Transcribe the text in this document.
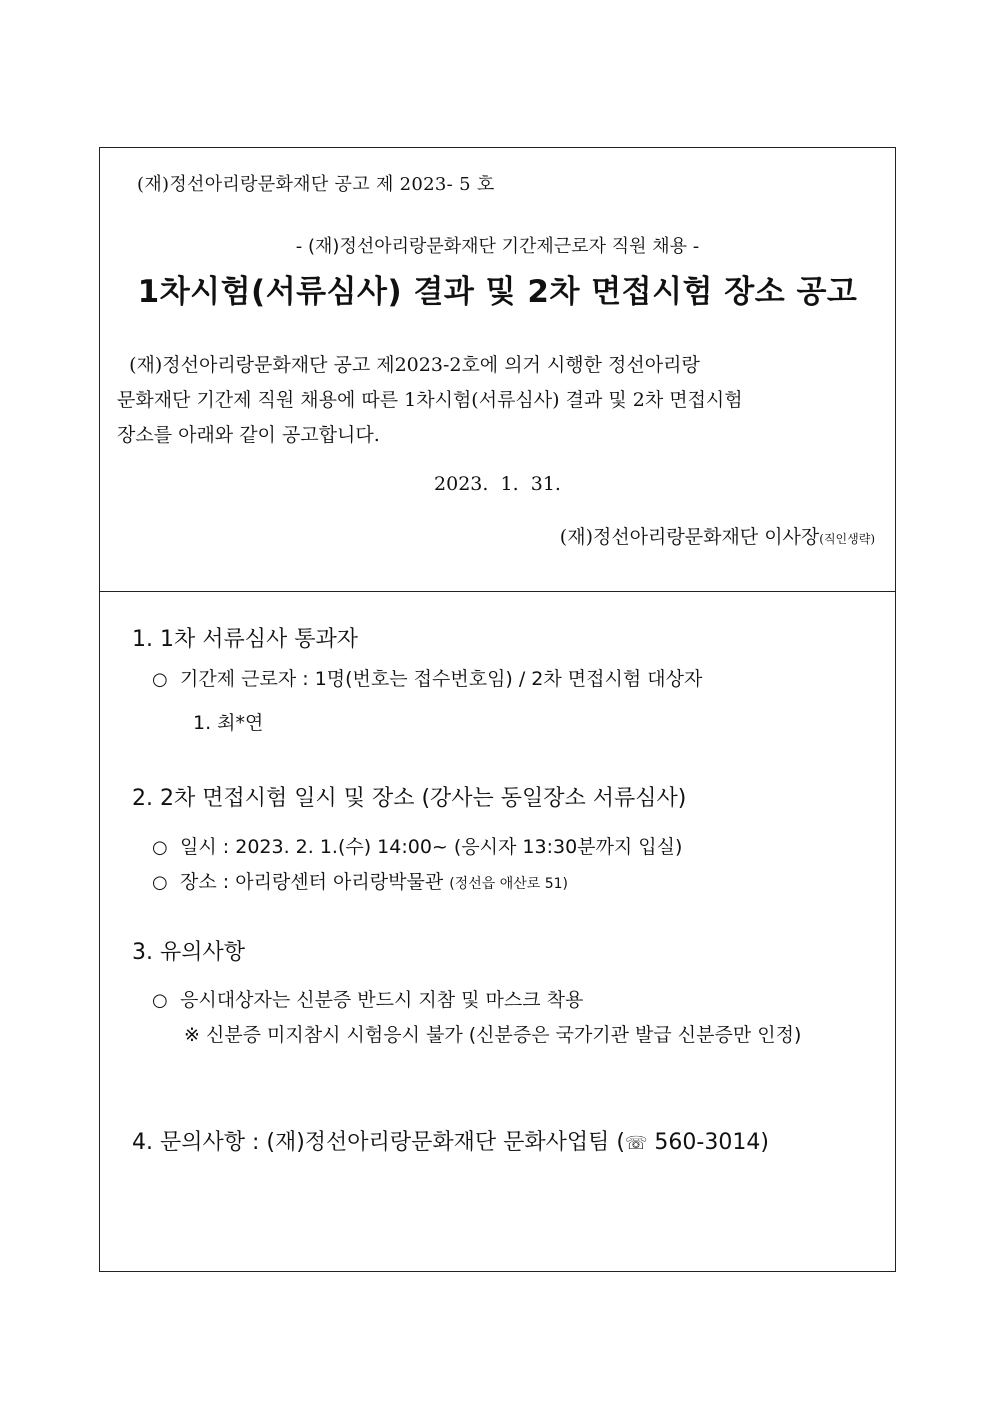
(재)정선아리랑문화재단 공고 제 2023- 5 호
- (재)정선아리랑문화재단 기간제근로자 직원 채용 -
1차시험(서류심사) 결과 및 2차 면접시험 장소 공고
(재)정선아리랑문화재단 공고 제2023-2호에 의거 시행한 정선아리랑
문화재단 기간제 직원 채용에 따른 1차시험(서류심사) 결과 및 2차 면접시험
장소를 아래와 같이 공고합니다.
2023.  1.  31.
(재)정선아리랑문화재단 이사장(직인생략)
1. 1차 서류심사 통과자
○ 기간제 근로자 : 1명(번호는 접수번호임) / 2차 면접시험 대상자
1. 최*연
2. 2차 면접시험 일시 및 장소 (강사는 동일장소 서류심사)
○ 일시 : 2023. 2. 1.(수) 14:00~ (응시자 13:30분까지 입실)
○ 장소 : 아리랑센터 아리랑박물관 (정선읍 애산로 51)
3. 유의사항
○ 응시대상자는 신분증 반드시 지참 및 마스크 착용
※ 신분증 미지참시 시험응시 불가 (신분증은 국가기관 발급 신분증만 인정)
4. 문의사항 : (재)정선아리랑문화재단 문화사업팀 (☏ 560-3014)
